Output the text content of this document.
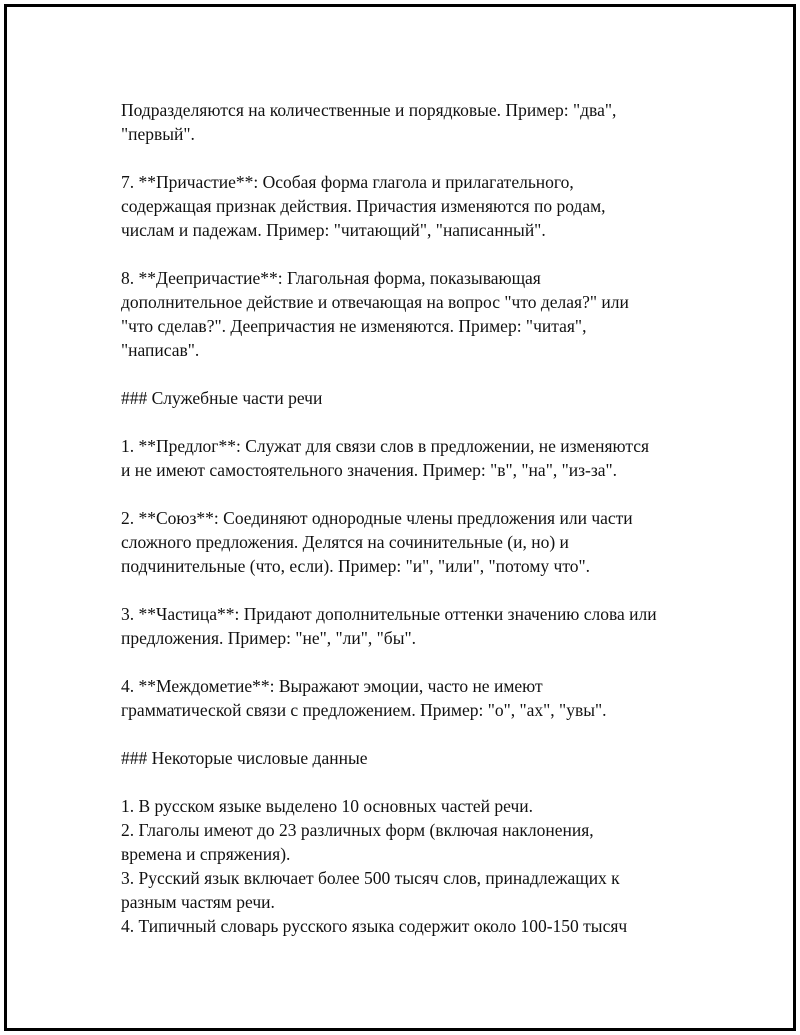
Подразделяются на количественные и порядковые. Пример: "два",
"первый".

7. **Причастие**: Особая форма глагола и прилагательного,
содержащая признак действия. Причастия изменяются по родам,
числам и падежам. Пример: "читающий", "написанный".

8. **Деепричастие**: Глагольная форма, показывающая
дополнительное действие и отвечающая на вопрос "что делая?" или
"что сделав?". Деепричастия не изменяются. Пример: "читая",
"написав".

### Служебные части речи

1. **Предлог**: Служат для связи слов в предложении, не изменяются
и не имеют самостоятельного значения. Пример: "в", "на", "из-за".

2. **Союз**: Соединяют однородные члены предложения или части
сложного предложения. Делятся на сочинительные (и, но) и
подчинительные (что, если). Пример: "и", "или", "потому что".

3. **Частица**: Придают дополнительные оттенки значению слова или
предложения. Пример: "не", "ли", "бы".

4. **Междометие**: Выражают эмоции, часто не имеют
грамматической связи с предложением. Пример: "о", "ах", "увы".

### Некоторые числовые данные

1. В русском языке выделено 10 основных частей речи.
2. Глаголы имеют до 23 различных форм (включая наклонения,
времена и спряжения).
3. Русский язык включает более 500 тысяч слов, принадлежащих к
разным частям речи.
4. Типичный словарь русского языка содержит около 100-150 тысяч
